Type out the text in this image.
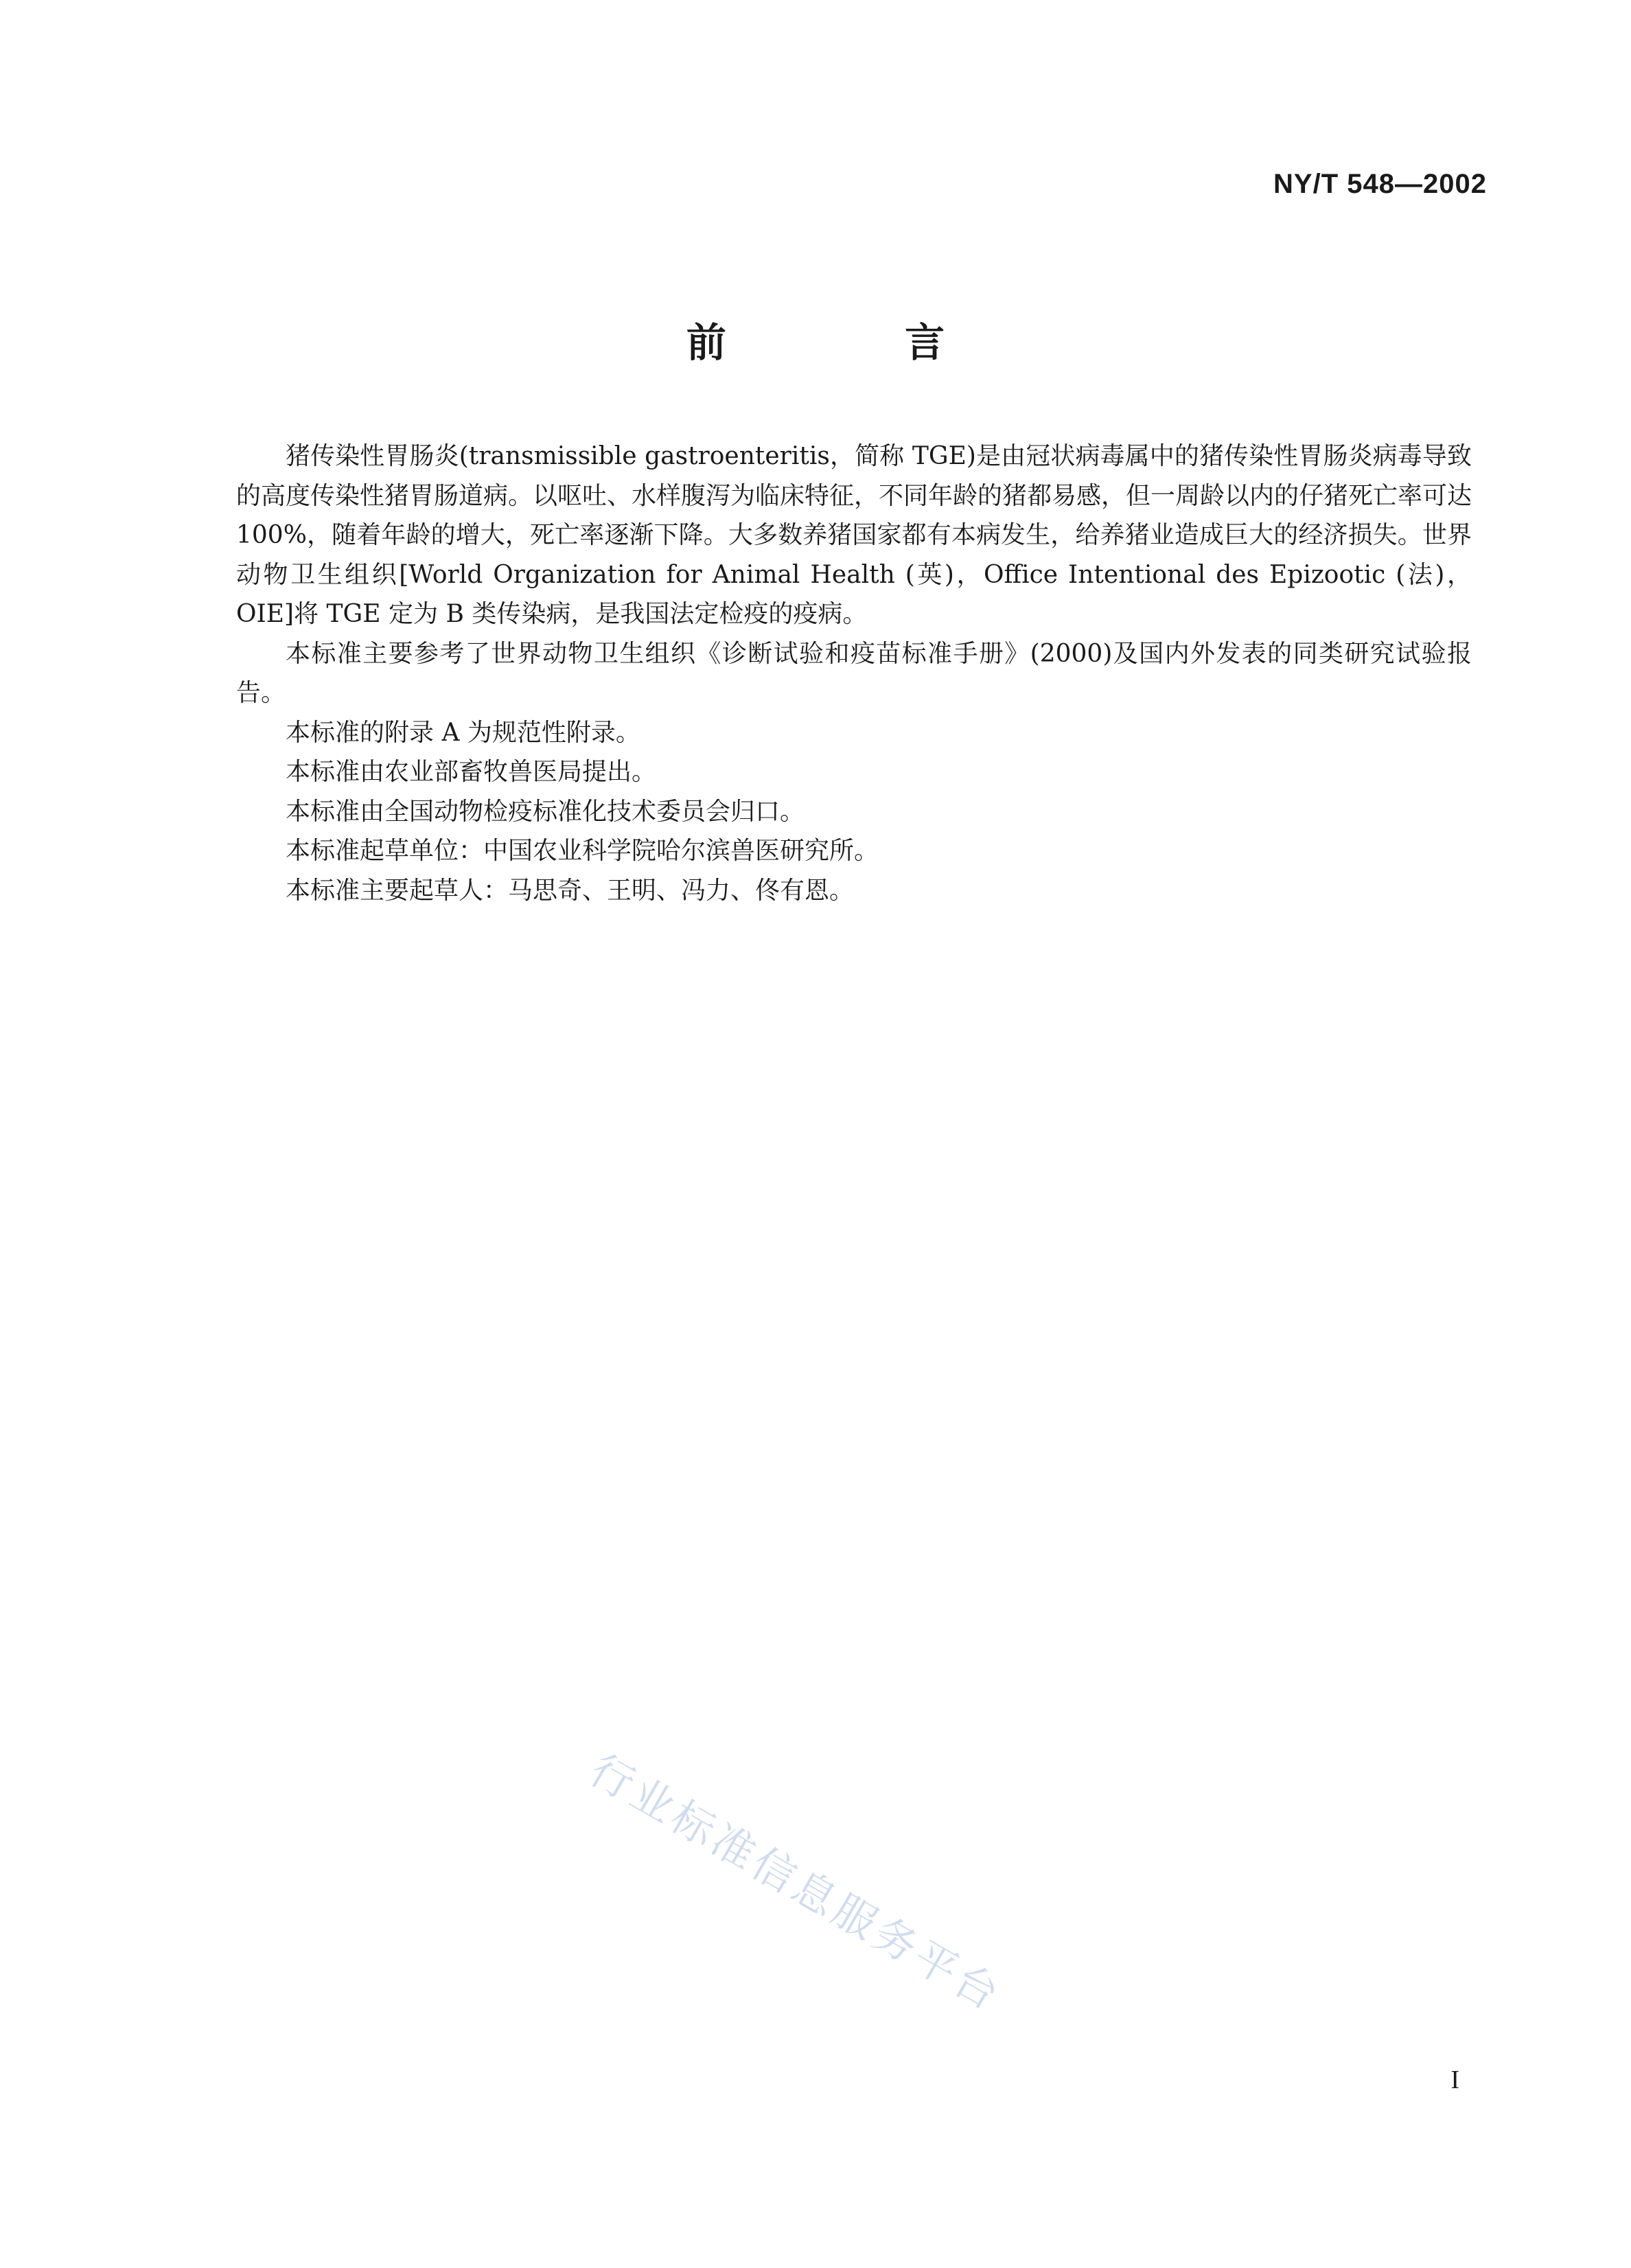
NY/T 548—2002
前 言

猪传染性胃肠炎(transmissible gastroenteritis，简称 TGE)是由冠状病毒属中的猪传染性胃肠炎病毒导致的高度传染性猪胃肠道病。以呕吐、水样腹泻为临床特征，不同年龄的猪都易感，但一周龄以内的仔猪死亡率可达 100%，随着年龄的增大，死亡率逐渐下降。大多数养猪国家都有本病发生，给养猪业造成巨大的经济损失。世界动物卫生组织[World Organization for Animal Health (英)，Office Intentional des Epizootic (法)，OIE]将 TGE 定为 B 类传染病，是我国法定检疫的疫病。

本标准主要参考了世界动物卫生组织《诊断试验和疫苗标准手册》(2000)及国内外发表的同类研究试验报告。

本标准的附录 A 为规范性附录。

本标准由农业部畜牧兽医局提出。

本标准由全国动物检疫标准化技术委员会归口。

本标准起草单位：中国农业科学院哈尔滨兽医研究所。

本标准主要起草人：马思奇、王明、冯力、佟有恩。

行业标准信息服务平台
I
